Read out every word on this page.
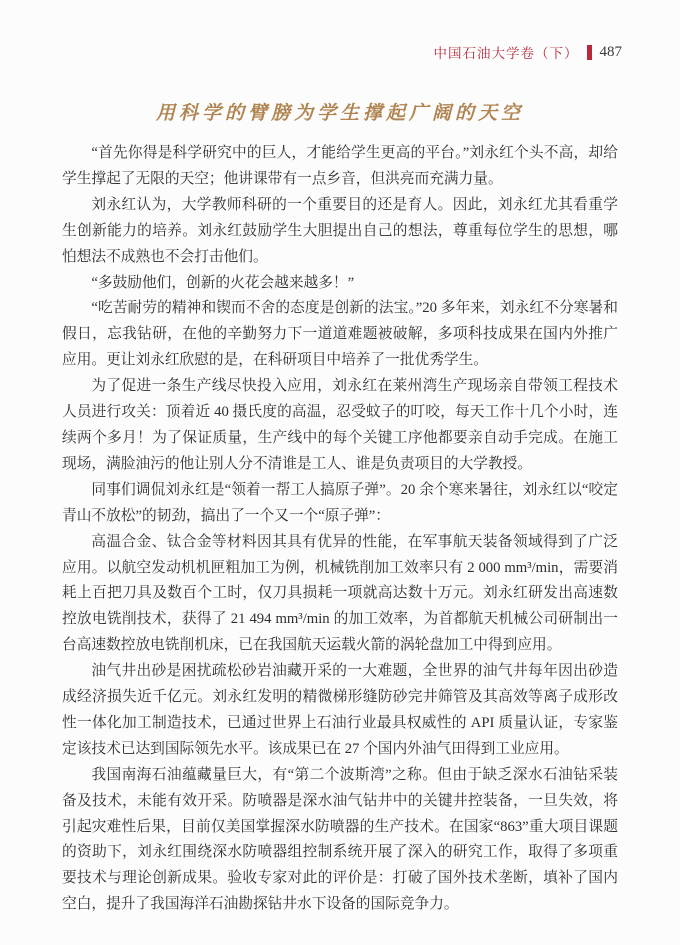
中国石油大学卷（下） 487
用科学的臂膀为学生撑起广阔的天空

“首先你得是科学研究中的巨人，才能给学生更高的平台。”刘永红个头不高，却给学生撑起了无限的天空；他讲课带有一点乡音，但洪亮而充满力量。

刘永红认为，大学教师科研的一个重要目的还是育人。因此，刘永红尤其看重学生创新能力的培养。刘永红鼓励学生大胆提出自己的想法，尊重每位学生的思想，哪怕想法不成熟也不会打击他们。

“多鼓励他们，创新的火花会越来越多！”

“吃苦耐劳的精神和锲而不舍的态度是创新的法宝。”20 多年来，刘永红不分寒暑和假日，忘我钻研，在他的辛勤努力下一道道难题被破解，多项科技成果在国内外推广应用。更让刘永红欣慰的是，在科研项目中培养了一批优秀学生。

为了促进一条生产线尽快投入应用，刘永红在莱州湾生产现场亲自带领工程技术人员进行攻关：顶着近 40 摄氏度的高温，忍受蚊子的叮咬，每天工作十几个小时，连续两个多月！为了保证质量，生产线中的每个关键工序他都要亲自动手完成。在施工现场，满脸油污的他让别人分不清谁是工人、谁是负责项目的大学教授。

同事们调侃刘永红是“领着一帮工人搞原子弹”。20 余个寒来暑往，刘永红以“咬定青山不放松”的韧劲，搞出了一个又一个“原子弹”：

高温合金、钛合金等材料因其具有优异的性能，在军事航天装备领域得到了广泛应用。以航空发动机机匣粗加工为例，机械铣削加工效率只有 2 000 mm³/min，需要消耗上百把刀具及数百个工时，仅刀具损耗一项就高达数十万元。刘永红研发出高速数控放电铣削技术，获得了 21 494 mm³/min 的加工效率，为首都航天机械公司研制出一台高速数控放电铣削机床，已在我国航天运载火箭的涡轮盘加工中得到应用。

油气井出砂是困扰疏松砂岩油藏开采的一大难题，全世界的油气井每年因出砂造成经济损失近千亿元。刘永红发明的精微梯形缝防砂完井筛管及其高效等离子成形改性一体化加工制造技术，已通过世界上石油行业最具权威性的 API 质量认证，专家鉴定该技术已达到国际领先水平。该成果已在 27 个国内外油气田得到工业应用。

我国南海石油蕴藏量巨大，有“第二个波斯湾”之称。但由于缺乏深水石油钻采装备及技术，未能有效开采。防喷器是深水油气钻井中的关键井控装备，一旦失效，将引起灾难性后果，目前仅美国掌握深水防喷器的生产技术。在国家“863”重大项目课题的资助下，刘永红围绕深水防喷器组控制系统开展了深入的研究工作，取得了多项重要技术与理论创新成果。验收专家对此的评价是：打破了国外技术垄断，填补了国内空白，提升了我国海洋石油勘探钻井水下设备的国际竞争力。
